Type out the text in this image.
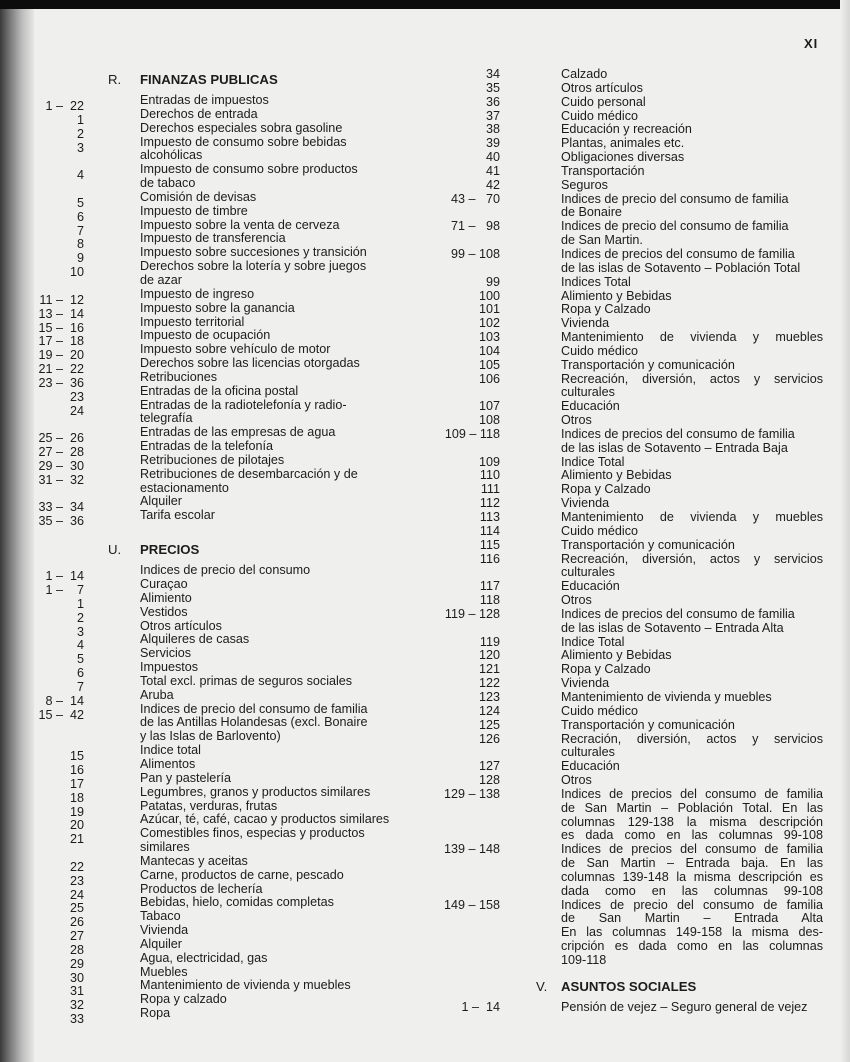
XI
R. FINANZAS PUBLICAS
1 –  22	Entradas de impuestos
1	Derechos de entrada
2	Derechos especiales sobra gasoline
3	Impuesto de consumo sobre bebidas
alcohólicas
4	Impuesto de consumo sobre productos
de tabaco
5	Comisión de devisas
6	Impuesto de timbre
7	Impuesto sobre la venta de cerveza
8	Impuesto de transferencia
9	Impuesto sobre succesiones y transición
10	Derechos sobre la lotería y sobre juegos
de azar
11 –  12	Impuesto de ingreso
13 –  14	Impuesto sobre la ganancia
15 –  16	Impuesto territorial
17 –  18	Impuesto de ocupación
19 –  20	Impuesto sobre vehículo de motor
21 –  22	Derechos sobre las licencias otorgadas
23 –  36	Retribuciones
23	Entradas de la oficina postal
24	Entradas de la radiotelefonía y radio-
telegrafía
25 –  26	Entradas de las empresas de agua
27 –  28	Entradas de la telefonía
29 –  30	Retribuciones de pilotajes
31 –  32	Retribuciones de desembarcación y de
estacionamento
33 –  34	Alquiler
35 –  36	Tarifa escolar
U. PRECIOS
1 –  14	Indices de precio del consumo
1 –    7	Curaçao
1	Alimiento
2	Vestidos
3	Otros artículos
4	Alquileres de casas
5	Servicios
6	Impuestos
7	Total excl. primas de seguros sociales
8 –  14	Aruba
15 –  42	Indices de precio del consumo de familia
de las Antillas Holandesas (excl. Bonaire
y las Islas de Barlovento)
15	Indice total
16	Alimentos
17	Pan y pastelería
18	Legumbres, granos y productos similares
19	Patatas, verduras, frutas
20	Azúcar, té, café, cacao y productos similares
21	Comestibles finos, especias y productos
similares
22	Mantecas y aceitas
23	Carne, productos de carne, pescado
24	Productos de lechería
25	Bebidas, hielo, comidas completas
26	Tabaco
27	Vivienda
28	Alquiler
29	Agua, electricidad, gas
30	Muebles
31	Mantenimiento de vivienda y muebles
32	Ropa y calzado
33	Ropa
34	Calzado
35	Otros artículos
36	Cuido personal
37	Cuido médico
38	Educación y recreación
39	Plantas, animales etc.
40	Obligaciones diversas
41	Transportación
42	Seguros
43 –   70	Indices de precio del consumo de familia
de Bonaire
71 –   98	Indices de precio del consumo de familia
de San Martin.
99 – 108	Indices de precios del consumo de familia
de las islas de Sotavento – Población Total
99	Indices Total
100	Alimiento y Bebidas
101	Ropa y Calzado
102	Vivienda
103	Mantenimiento de vivienda y muebles
104	Cuido médico
105	Transportación y comunicación
106	Recreación, diversión, actos y servicios
culturales
107	Educación
108	Otros
109 – 118	Indices de precios del consumo de familia
de las islas de Sotavento – Entrada Baja
109	Indice Total
110	Alimiento y Bebidas
111	Ropa y Calzado
112	Vivienda
113	Mantenimiento de vivienda y muebles
114	Cuido médico
115	Transportación y comunicación
116	Recreación, diversión, actos y servicios
culturales
117	Educación
118	Otros
119 – 128	Indices de precios del consumo de familia
de las islas de Sotavento – Entrada Alta
119	Indice Total
120	Alimiento y Bebidas
121	Ropa y Calzado
122	Vivienda
123	Mantenimiento de vivienda y muebles
124	Cuido médico
125	Transportación y comunicación
126	Recración, diversión, actos y servicios
culturales
127	Educación
128	Otros
129 – 138	Indices de precios del consumo de familia
de San Martin – Población Total. En las
columnas 129-138 la misma descripción
es dada como en las columnas 99-108
139 – 148	Indices de precios del consumo de familia
de San Martin – Entrada baja. En las
columnas 139-148 la misma descripción es
dada como en las columnas 99-108
149 – 158	Indices de precio del consumo de familia
de San Martin – Entrada Alta
En las columnas 149-158 la misma des-
cripción es dada como en las columnas
109-118
V. ASUNTOS SOCIALES
1 –  14	Pensión de vejez – Seguro general de vejez
